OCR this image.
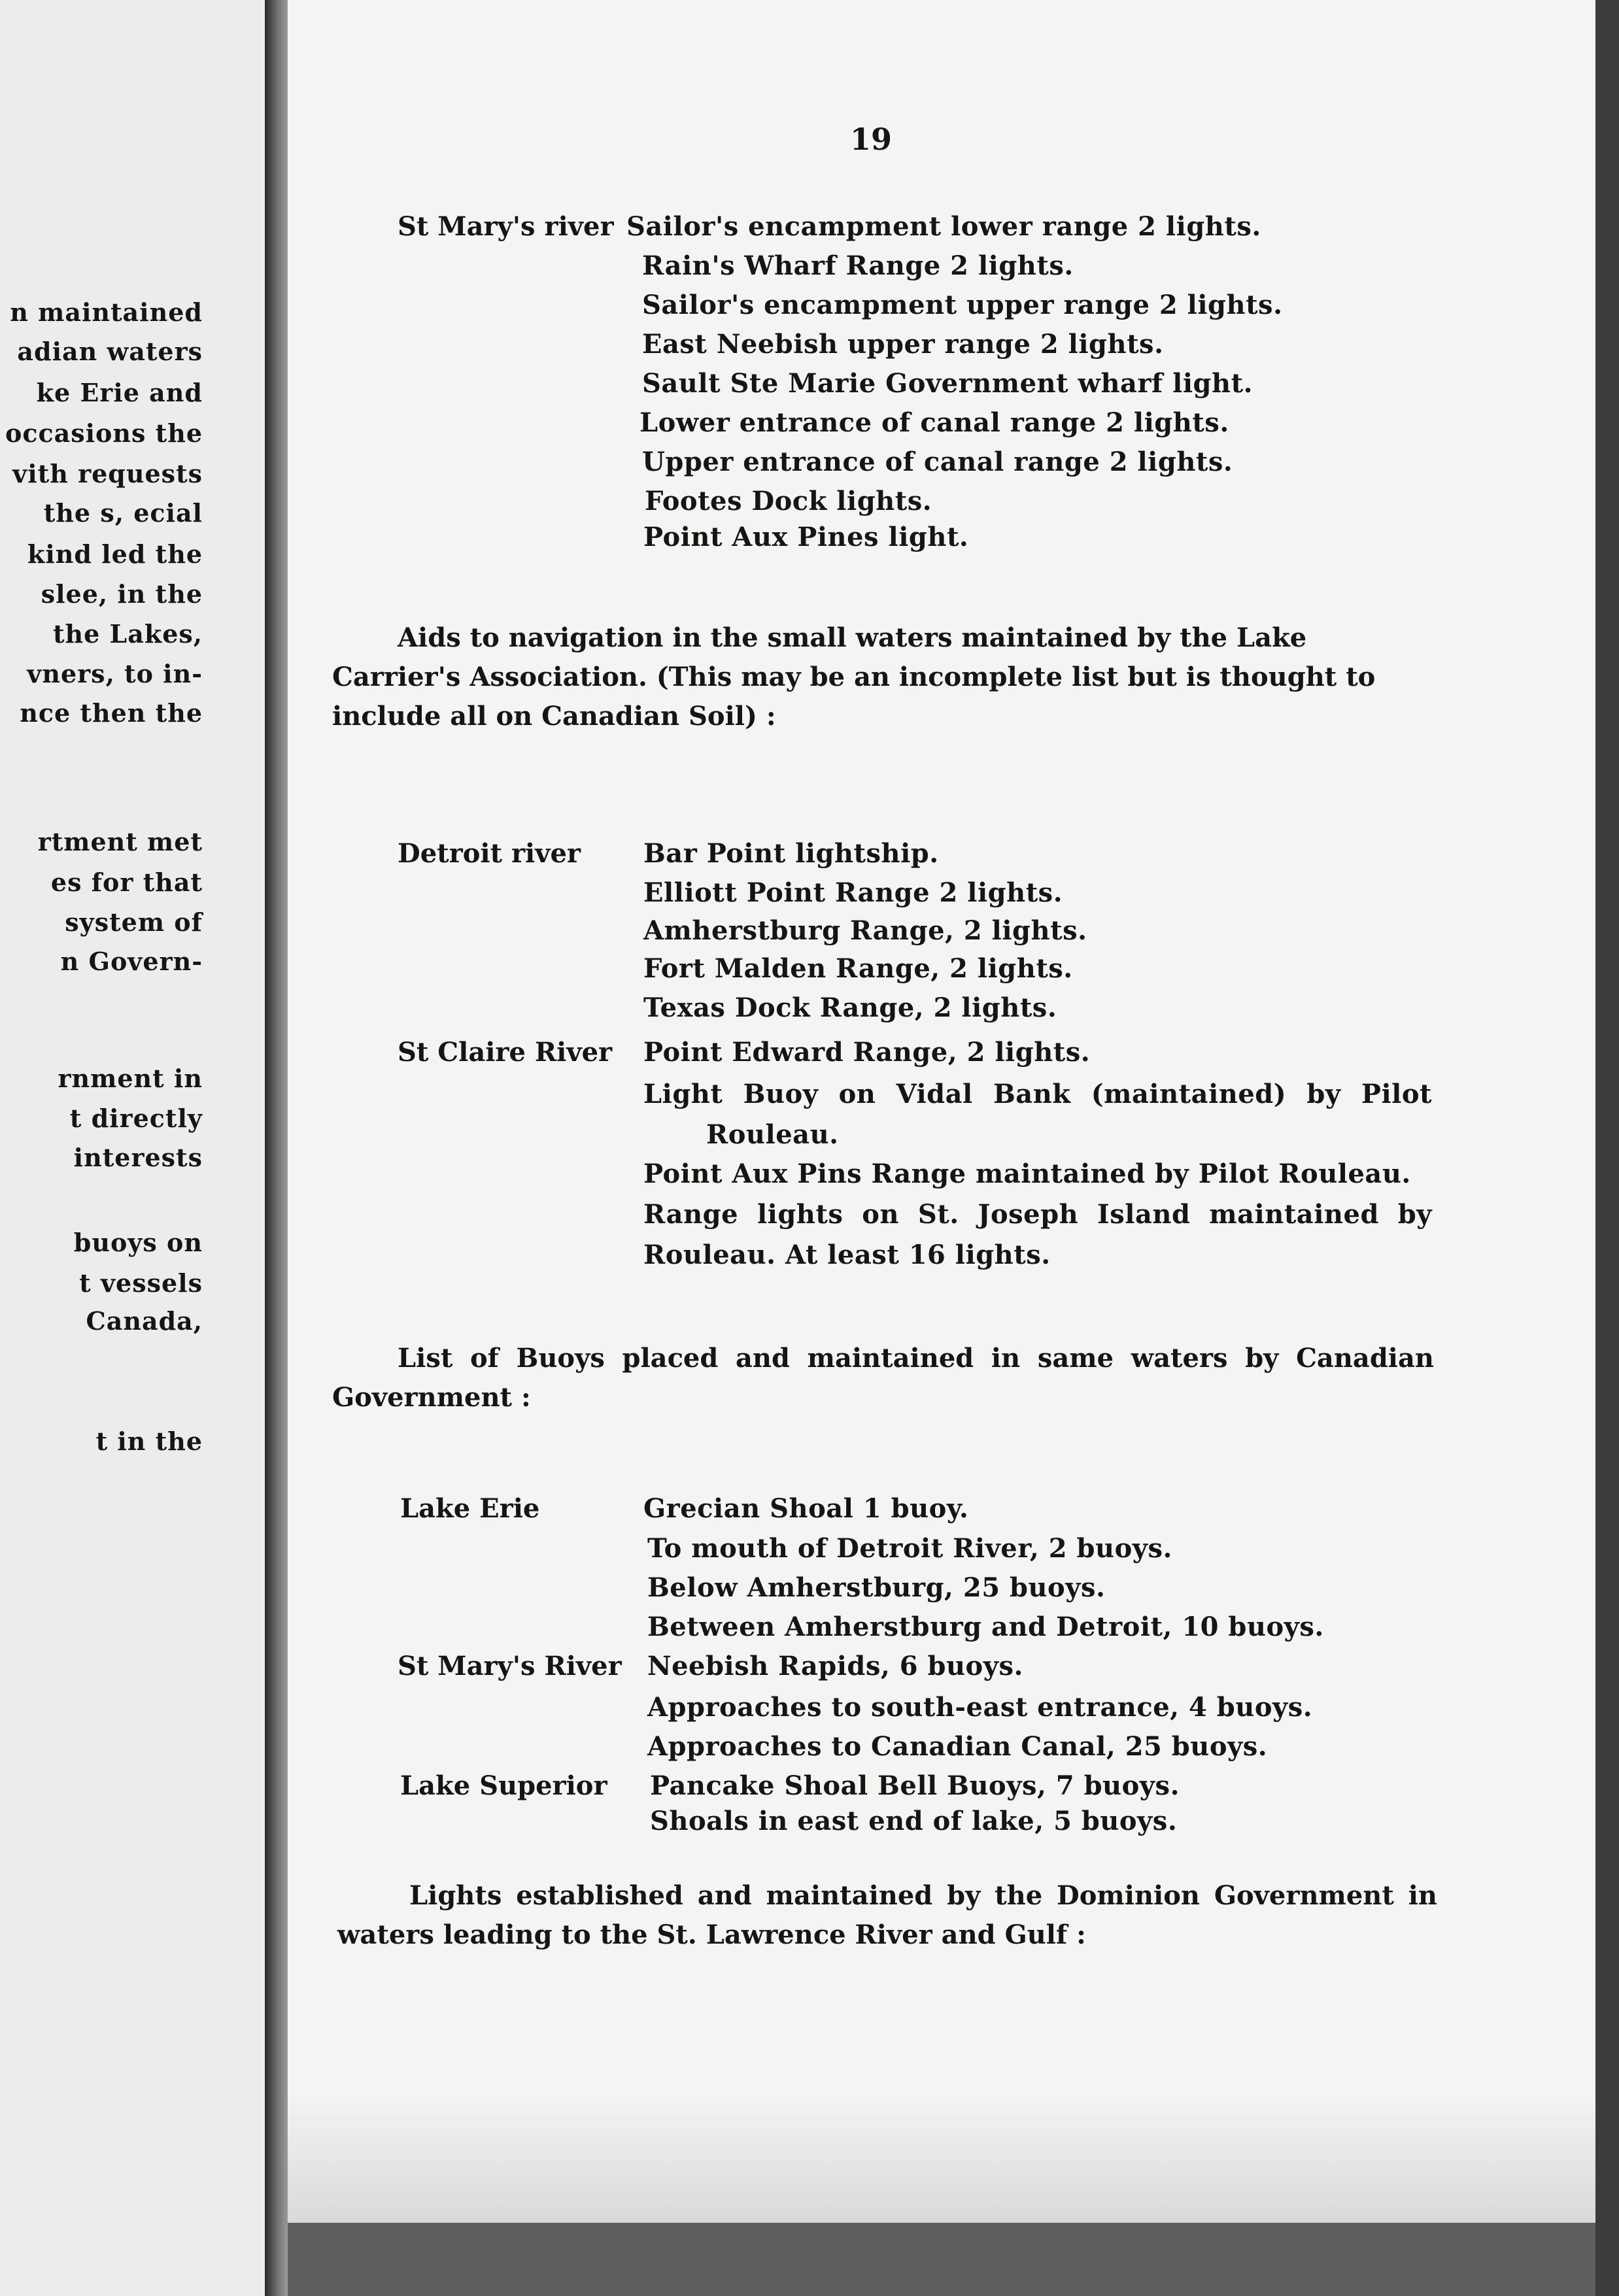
n maintained
adian waters
ke Erie and
occasions the
vith requests
the s, ecial
kind led the
slee, in the
the Lakes,
vners, to in-
nce then the
rtment met
es for that
system of
n Govern-
rnment in
t directly
interests
buoys on
t vessels
Canada,
t in the
19
St Mary's river Sailor's encampment lower range 2 lights.
Rain's Wharf Range 2 lights.
Sailor's encampment upper range 2 lights.
East Neebish upper range 2 lights.
Sault Ste Marie Government wharf light.
Lower entrance of canal range 2 lights.
Upper entrance of canal range 2 lights.
Footes Dock lights.
Point Aux Pines light.
Aids to navigation in the small waters maintained by the Lake
Carrier's Association. (This may be an incomplete list but is thought to
include all on Canadian Soil) :
Detroit river Bar Point lightship.
Elliott Point Range 2 lights.
Amherstburg Range, 2 lights.
Fort Malden Range, 2 lights.
Texas Dock Range, 2 lights.
St Claire River Point Edward Range, 2 lights.
Light Buoy on Vidal Bank (maintained) by Pilot
Rouleau.
Point Aux Pins Range maintained by Pilot Rouleau.
Range lights on St. Joseph Island maintained by
Rouleau. At least 16 lights.
List of Buoys placed and maintained in same waters by Canadian
Government :
Lake Erie	Grecian Shoal 1 buoy.
To mouth of Detroit River, 2 buoys.
Below Amherstburg, 25 buoys.
Between Amherstburg and Detroit, 10 buoys.
St Mary's River Neebish Rapids, 6 buoys.
Approaches to south-east entrance, 4 buoys.
Approaches to Canadian Canal, 25 buoys.
Lake Superior Pancake Shoal Bell Buoys, 7 buoys.
Shoals in east end of lake, 5 buoys.
Lights established and maintained by the Dominion Government in
waters leading to the St. Lawrence River and Gulf :
